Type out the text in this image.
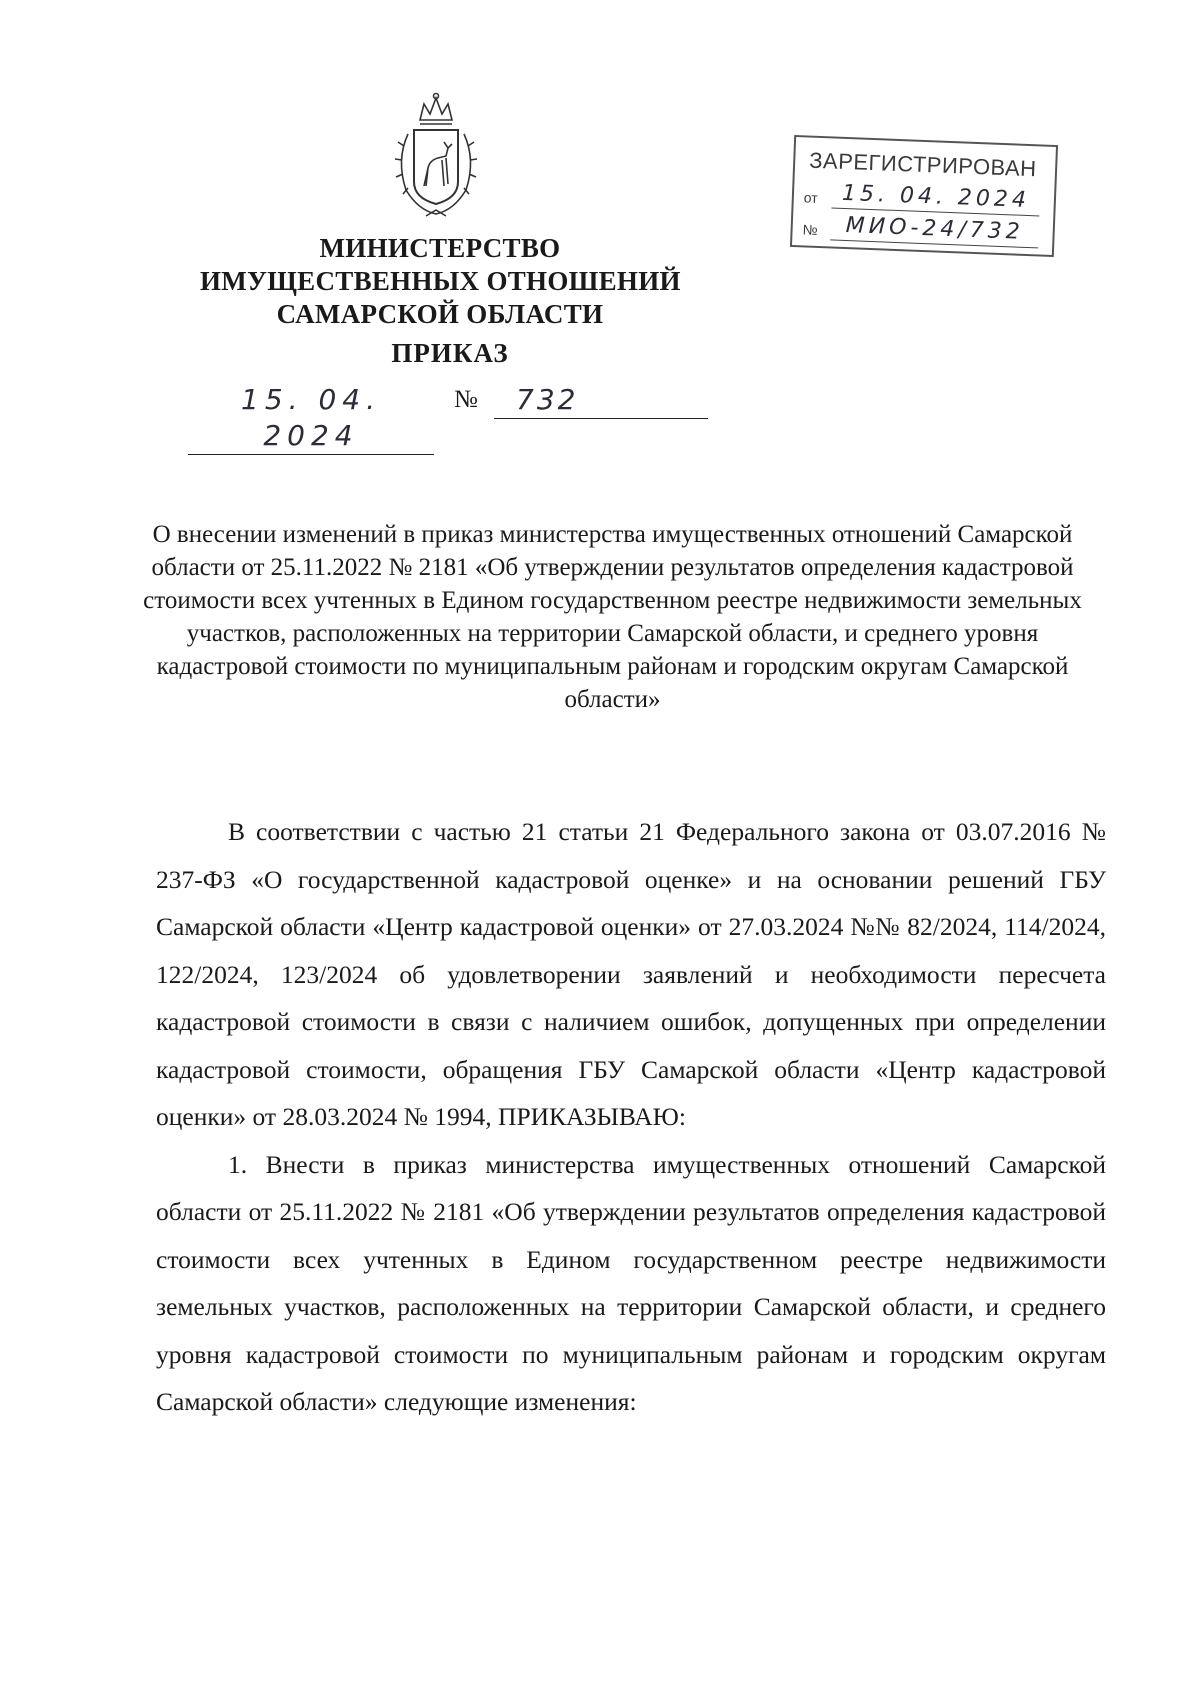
МИНИСТЕРСТВО
ИМУЩЕСТВЕННЫХ ОТНОШЕНИЙ
САМАРСКОЙ ОБЛАСТИ
ПРИКАЗ
15. 04. 2024
№	732
ЗАРЕГИСТРИРОВАН
от	15. 04. 2024
№	МИО-24/732
О внесении изменений в приказ министерства имущественных отношений Самарской области от 25.11.2022 № 2181 «Об утверждении результатов определения кадастровой стоимости всех учтенных в Едином государственном реестре недвижимости земельных участков, расположенных на территории Самарской области, и среднего уровня кадастровой стоимости по муниципальным районам и городским округам Самарской области»

В соответствии с частью 21 статьи 21 Федерального закона от 03.07.2016 № 237-ФЗ «О государственной кадастровой оценке» и на основании решений ГБУ Самарской области «Центр кадастровой оценки» от 27.03.2024 №№ 82/2024, 114/2024, 122/2024, 123/2024 об удовлетворении заявлений и необходимости пересчета кадастровой стоимости в связи с наличием ошибок, допущенных при определении кадастровой стоимости, обращения ГБУ Самарской области «Центр кадастровой оценки» от 28.03.2024 № 1994, ПРИКАЗЫВАЮ:

1. Внести в приказ министерства имущественных отношений Самарской области от 25.11.2022 № 2181 «Об утверждении результатов определения кадастровой стоимости всех учтенных в Едином государственном реестре недвижимости земельных участков, расположенных на территории Самарской области, и среднего уровня кадастровой стоимости по муниципальным районам и городским округам Самарской области» следующие изменения:
